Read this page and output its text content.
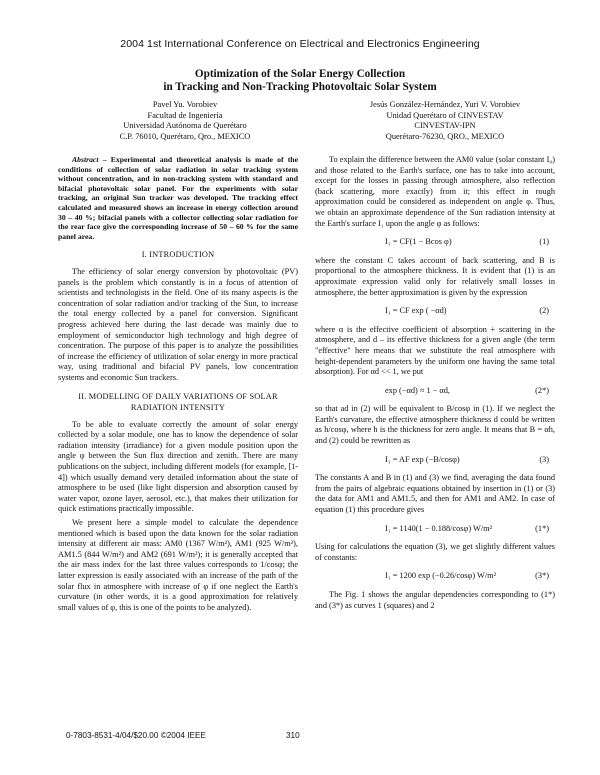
2004 1st International Conference on Electrical and Electronics Engineering
Optimization of the Solar Energy Collection
in Tracking and Non-Tracking Photovoltaic Solar System
Pavel Yu. Vorobiev
Facultad de Ingeniería
Universidad Autónoma de Querétaro
C.P. 76010, Querétaro, Qro., MEXICO
Jesús González-Hernández, Yuri V. Vorobiev
Unidad Querétaro of CINVESTAV
CINVESTAV-IPN
Querétaro-76230, QRO., MEXICO

Abstract – Experimental and theoretical analysis is made of the conditions of collection of solar radiation in solar tracking system without concentration, and in non-tracking system with standard and bifacial photovoltaic solar panel. For the experiments with solar tracking, an original Sun tracker was developed. The tracking effect calculated and measured shows an increase in energy collection around 30 – 40 %; bifacial panels with a collector collecting solar radiation for the rear face give the corresponding increase of 50 – 60 % for the same panel area.

I. INTRODUCTION

The efficiency of solar energy conversion by photovoltaic (PV) panels is the problem which constantly is in a focus of attention of scientists and technologists in the field. One of its many aspects is the concentration of solar radiation and/or tracking of the Sun, to increase the total energy collected by a panel for conversion. Significant progress achieved here during the last decade was mainly due to employment of semiconductor high technology and high degree of concentration. The purpose of this paper is to analyze the possibilities of increase the efficiency of utilization of solar energy in more practical way, using traditional and bifacial PV panels, low concentration systems and economic Sun trackers.

II. MODELLING OF DAILY VARIATIONS OF SOLAR
RADIATION INTENSITY

To be able to evaluate correctly the amount of solar energy collected by a solar module, one has to know the dependence of solar radiation intensity (irradiance) for a given module position upon the angle φ between the Sun flux direction and zenith. There are many publications on the subject, including different models (for example, [1-4]) which usually demand very detailed information about the state of atmosphere to be used (like light dispersion and absorption caused by water vapor, ozone layer, aerosol, etc.), that makes their utilization for quick estimations practically impossible.

We present here a simple model to calculate the dependence mentioned which is based upon the data known for the solar radiation intensity at different air mass: AM0 (1367 W/m²), AM1 (925 W/m²), AM1.5 (844 W/m²) and AM2 (691 W/m²); it is generally accepted that the air mass index for the last three values corresponds to 1/cosφ; the latter expression is easily associated with an increase of the path of the solar flux in atmosphere with increase of φ if one neglect the Earth's curvature (in other words, it is a good approximation for relatively small values of φ, this is one of the points to be analyzed).

To explain the difference between the AM0 value (solar constant I₀) and those related to the Earth's surface, one has to take into account, except for the losses in passing through atmosphere, also reflection (back scattering, more exactly) from it; this effect in rough approximation could be considered as independent on angle φ. Thus, we obtain an approximate dependence of the Sun radiation intensity at the Earth's surface I₁ upon the angle φ as follows:

I₁ = CF(1 − Bcos φ)	(1)

where the constant C takes account of back scattering, and B is proportional to the atmosphere thickness. It is evident that (1) is an approximate expression valid only for relatively small losses in atmosphere, the better approximation is given by the expression

I₁ = CF exp ( −αd)	(2)

where α is the effective coefficient of absorption + scattering in the atmosphere, and d – its effective thickness for a given angle (the term "effective" here means that we substitute the real atmosphere with height-dependent parameters by the uniform one having the same total absorption). For αd << 1, we put

exp (−αd) ≈ 1 − αd,	(2*)

so that ad in (2) will be equivalent to B/cosφ in (1). If we neglect the Earth's curvature, the effective atmosphere thickness d could be written as h/cosφ, where h is the thickness for zero angle. It means that B = αh, and (2) could be rewritten as

I₁ = AF exp (−B/cosφ)	(3)

The constants A and B in (1) and (3) we find, averaging the data found from the pairs of algebraic equations obtained by insertion in (1) or (3) the data for AM1 and AM1.5, and then for AM1 and AM2. In case of equation (1) this procedure gives

I₁ = 1140(1 − 0.188/cosφ) W/m²	(1*)

Using for calculations the equation (3), we get slightly different values of constants:

I₁ = 1200 exp (−0.26/cosφ) W/m²	(3*)

The Fig. 1 shows the angular dependencies corresponding to (1*) and (3*) as curves 1 (squares) and 2

0-7803-8531-4/04/$20.00 ©2004 IEEE	310
